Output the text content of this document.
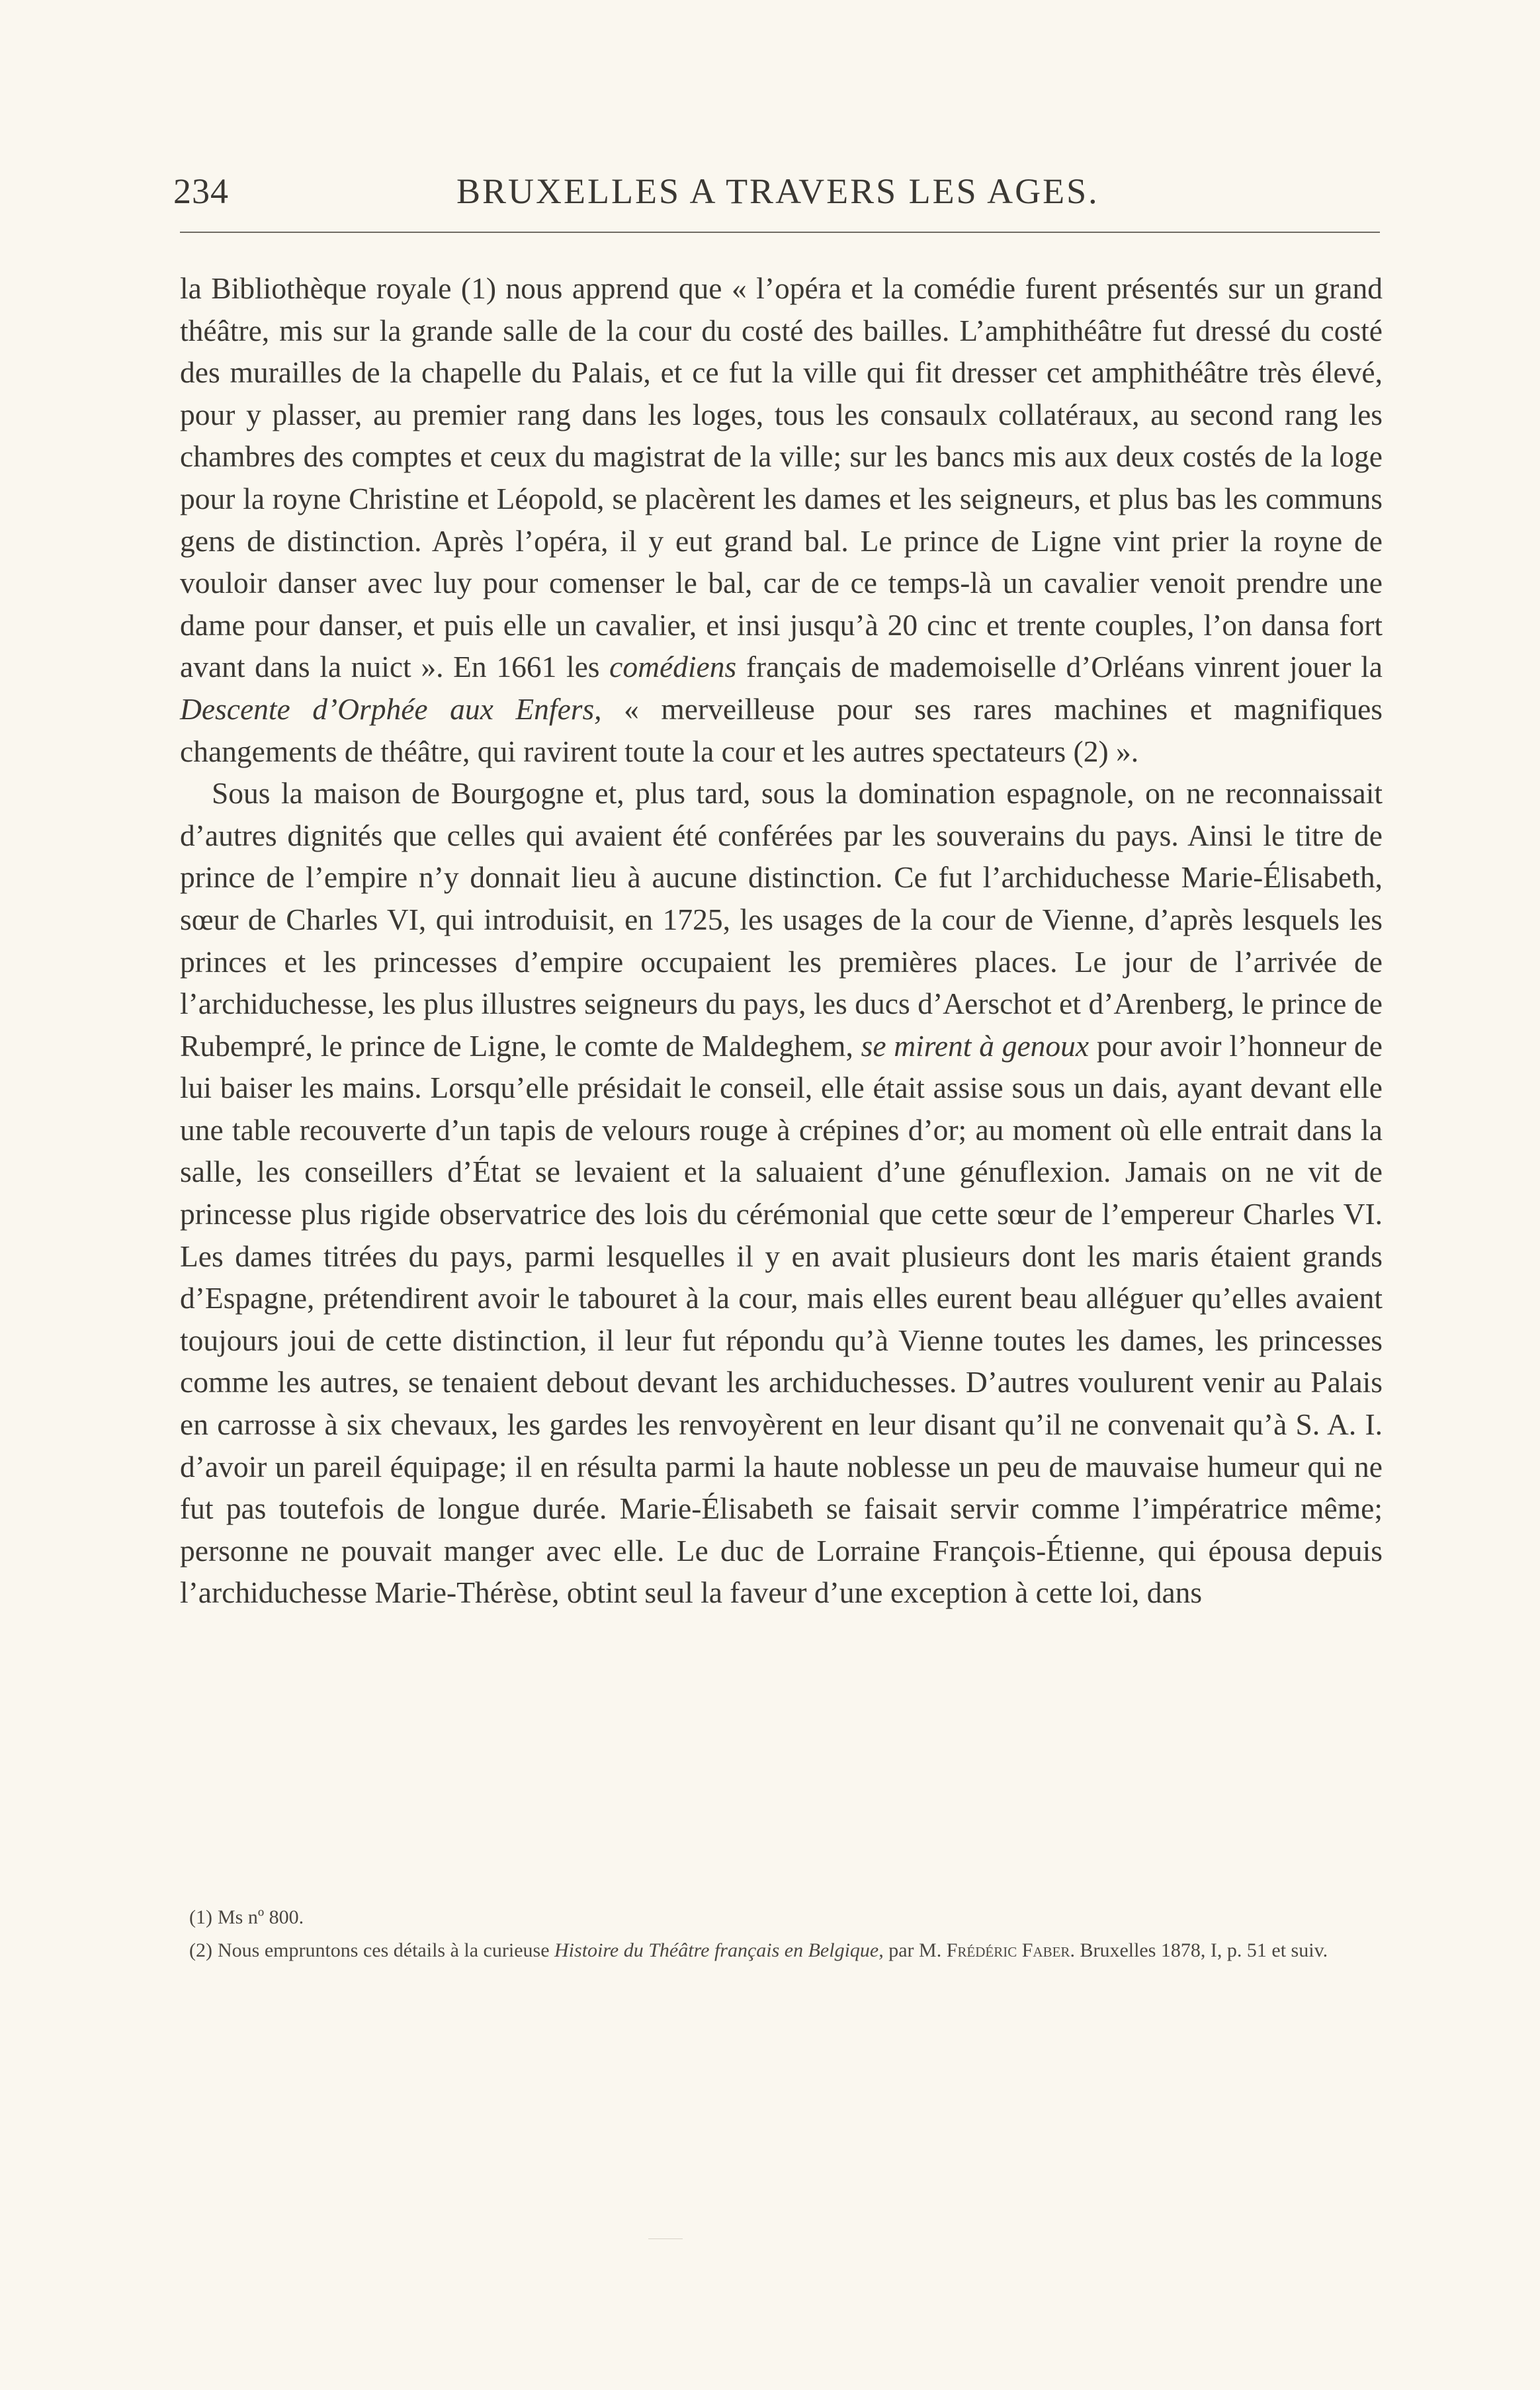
234	BRUXELLES A TRAVERS LES AGES.

la Bibliothèque royale (1) nous apprend que « l’opéra et la comédie furent présentés sur un grand théâtre, mis sur la grande salle de la cour du costé des bailles. L’amphithéâtre fut dressé du costé des murailles de la chapelle du Palais, et ce fut la ville qui fit dresser cet amphithéâtre très élevé, pour y plasser, au premier rang dans les loges, tous les consaulx collatéraux, au second rang les chambres des comptes et ceux du magistrat de la ville; sur les bancs mis aux deux costés de la loge pour la royne Christine et Léopold, se placèrent les dames et les seigneurs, et plus bas les communs gens de distinction. Après l’opéra, il y eut grand bal. Le prince de Ligne vint prier la royne de vouloir danser avec luy pour comenser le bal, car de ce temps-là un cavalier venoit prendre une dame pour danser, et puis elle un cavalier, et insi jusqu’à 20 cinc et trente couples, l’on dansa fort avant dans la nuict ». En 1661 les comédiens français de mademoiselle d’Orléans vinrent jouer la Descente d’Orphée aux Enfers, « merveilleuse pour ses rares machines et magnifiques changements de théâtre, qui ravirent toute la cour et les autres spectateurs (2) ».

Sous la maison de Bourgogne et, plus tard, sous la domination espagnole, on ne reconnaissait d’autres dignités que celles qui avaient été conférées par les souverains du pays. Ainsi le titre de prince de l’empire n’y donnait lieu à aucune distinction. Ce fut l’archiduchesse Marie-Élisabeth, sœur de Charles VI, qui introduisit, en 1725, les usages de la cour de Vienne, d’après lesquels les princes et les princesses d’empire occupaient les premières places. Le jour de l’arrivée de l’archiduchesse, les plus illustres seigneurs du pays, les ducs d’Aerschot et d’Arenberg, le prince de Rubempré, le prince de Ligne, le comte de Maldeghem, se mirent à genoux pour avoir l’honneur de lui baiser les mains. Lorsqu’elle présidait le conseil, elle était assise sous un dais, ayant devant elle une table recouverte d’un tapis de velours rouge à crépines d’or; au moment où elle entrait dans la salle, les conseillers d’État se levaient et la saluaient d’une génuflexion. Jamais on ne vit de princesse plus rigide observatrice des lois du cérémonial que cette sœur de l’empereur Charles VI. Les dames titrées du pays, parmi lesquelles il y en avait plusieurs dont les maris étaient grands d’Espagne, prétendirent avoir le tabouret à la cour, mais elles eurent beau alléguer qu’elles avaient toujours joui de cette distinction, il leur fut répondu qu’à Vienne toutes les dames, les princesses comme les autres, se tenaient debout devant les archiduchesses. D’autres voulurent venir au Palais en carrosse à six chevaux, les gardes les renvoyèrent en leur disant qu’il ne convenait qu’à S. A. I. d’avoir un pareil équipage; il en résulta parmi la haute noblesse un peu de mauvaise humeur qui ne fut pas toutefois de longue durée. Marie-Élisabeth se faisait servir comme l’impératrice même; personne ne pouvait manger avec elle. Le duc de Lorraine François-Étienne, qui épousa depuis l’archiduchesse Marie-Thérèse, obtint seul la faveur d’une exception à cette loi, dans

(1) Ms nº 800.

(2) Nous empruntons ces détails à la curieuse Histoire du Théâtre français en Belgique, par M. Frédéric Faber. Bruxelles 1878, I, p. 51 et suiv.
